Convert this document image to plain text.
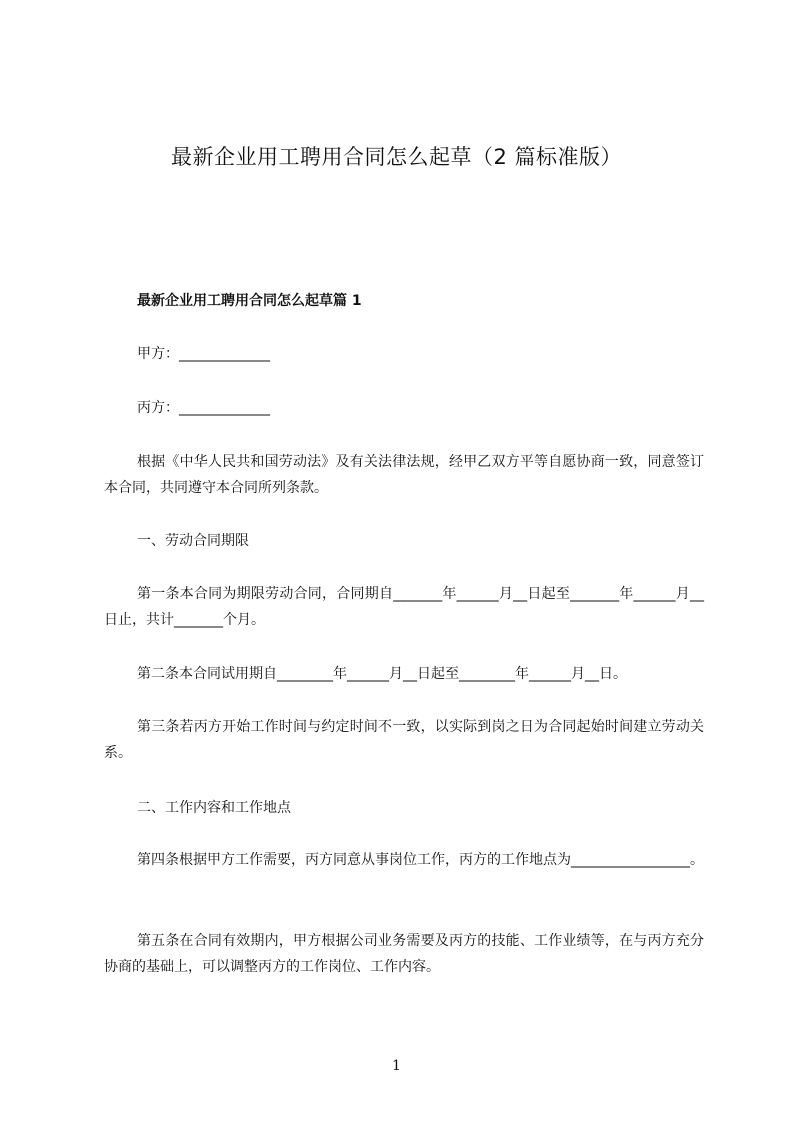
最新企业用工聘用合同怎么起草（2 篇标准版）
最新企业用工聘用合同怎么起草篇 1
甲方：_____________
丙方：_____________
根据《中华人民共和国劳动法》及有关法律法规，经甲乙双方平等自愿协商一致，同意签订本合同，共同遵守本合同所列条款。
一、劳动合同期限
第一条本合同为期限劳动合同，合同期自_______年______月__日起至_______年______月__日止，共计_______个月。
第二条本合同试用期自________年______月__日起至________年______月__日。
第三条若丙方开始工作时间与约定时间不一致，以实际到岗之日为合同起始时间建立劳动关系。
二、工作内容和工作地点
第四条根据甲方工作需要，丙方同意从事岗位工作，丙方的工作地点为_________________。
第五条在合同有效期内，甲方根据公司业务需要及丙方的技能、工作业绩等，在与丙方充分协商的基础上，可以调整丙方的工作岗位、工作内容。
1
